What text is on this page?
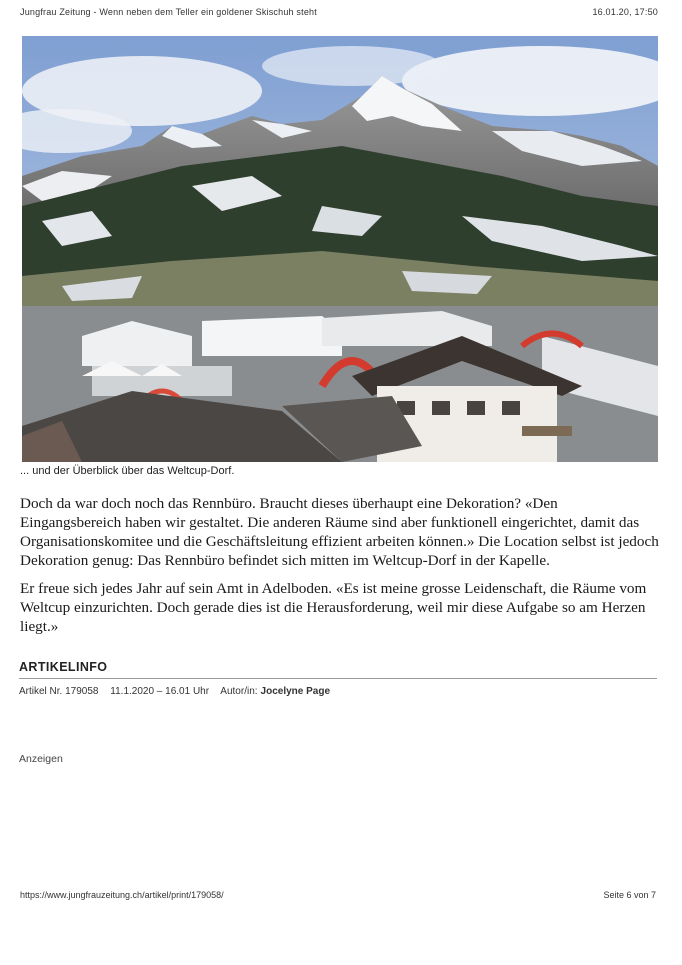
Jungfrau Zeitung - Wenn neben dem Teller ein goldener Skischuh steht	16.01.20, 17:50
... und der Überblick über das Weltcup-Dorf.

Doch da war doch noch das Rennbüro. Braucht dieses überhaupt eine Dekoration? «Den Eingangsbereich haben wir gestaltet. Die anderen Räume sind aber funktionell eingerichtet, damit das Organisationskomitee und die Geschäftsleitung effizient arbeiten können.» Die Location selbst ist jedoch Dekoration genug: Das Rennbüro befindet sich mitten im Weltcup-Dorf in der Kapelle.

Er freue sich jedes Jahr auf sein Amt in Adelboden. «Es ist meine grosse Leidenschaft, die Räume vom Weltcup einzurichten. Doch gerade dies ist die Herausforderung, weil mir diese Aufgabe so am Herzen liegt.»

ARTIKELINFO
Artikel Nr. 179058 11.1.2020 – 16.01 Uhr Autor/in: Jocelyne Page
Anzeigen
https://www.jungfrauzeitung.ch/artikel/print/179058/	Seite 6 von 7
